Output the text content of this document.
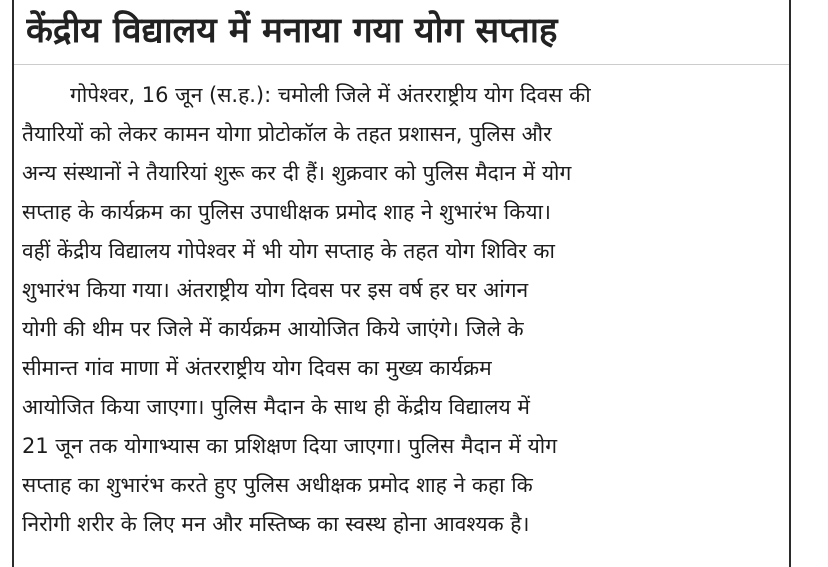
केंद्रीय विद्यालय में मनाया गया योग सप्ताह
गोपेश्वर, 16 जून (स.ह.): चमोली जिले में अंतरराष्ट्रीय योग दिवस की
तैयारियों को लेकर कामन योगा प्रोटोकॉल के तहत प्रशासन, पुलिस और
अन्य संस्थानों ने तैयारियां शुरू कर दी हैं। शुक्रवार को पुलिस मैदान में योग
सप्ताह के कार्यक्रम का पुलिस उपाधीक्षक प्रमोद शाह ने शुभारंभ किया।
वहीं केंद्रीय विद्यालय गोपेश्वर में भी योग सप्ताह के तहत योग शिविर का
शुभारंभ किया गया। अंतराष्ट्रीय योग दिवस पर इस वर्ष हर घर आंगन
योगी की थीम पर जिले में कार्यक्रम आयोजित किये जाएंगे। जिले के
सीमान्त गांव माणा में अंतरराष्ट्रीय योग दिवस का मुख्य कार्यक्रम
आयोजित किया जाएगा। पुलिस मैदान के साथ ही केंद्रीय विद्यालय में
21 जून तक योगाभ्यास का प्रशिक्षण दिया जाएगा। पुलिस मैदान में योग
सप्ताह का शुभारंभ करते हुए पुलिस अधीक्षक प्रमोद शाह ने कहा कि
निरोगी शरीर के लिए मन और मस्तिष्क का स्वस्थ होना आवश्यक है।
